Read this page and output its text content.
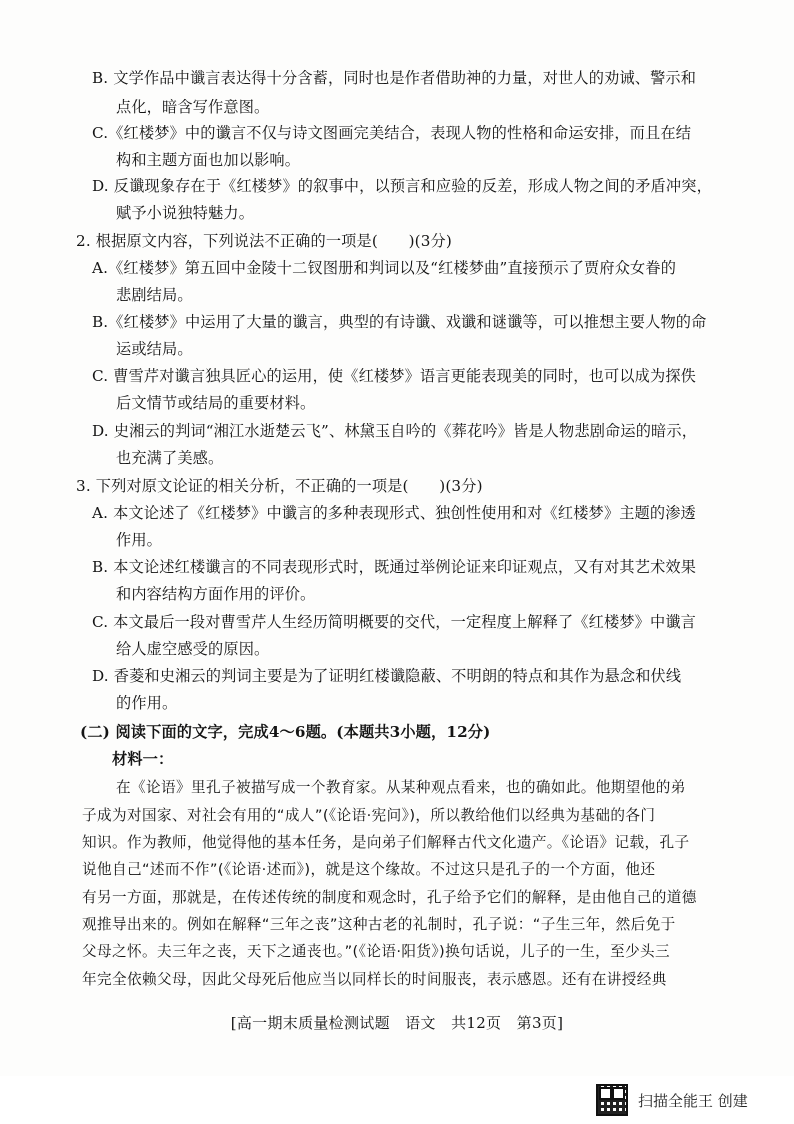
B. 文学作品中谶言表达得十分含蓄，同时也是作者借助神的力量，对世人的劝诫、警示和
点化，暗含写作意图。
C.《红楼梦》中的谶言不仅与诗文图画完美结合，表现人物的性格和命运安排，而且在结
构和主题方面也加以影响。
D. 反谶现象存在于《红楼梦》的叙事中，以预言和应验的反差，形成人物之间的矛盾冲突，
赋予小说独特魅力。
2. 根据原文内容，下列说法不正确的一项是(　　)(3分)
A.《红楼梦》第五回中金陵十二钗图册和判词以及“红楼梦曲”直接预示了贾府众女眷的
悲剧结局。
B.《红楼梦》中运用了大量的谶言，典型的有诗谶、戏谶和谜谶等，可以推想主要人物的命
运或结局。
C. 曹雪芹对谶言独具匠心的运用，使《红楼梦》语言更能表现美的同时，也可以成为探佚
后文情节或结局的重要材料。
D. 史湘云的判词“湘江水逝楚云飞”、林黛玉自吟的《葬花吟》皆是人物悲剧命运的暗示，
也充满了美感。
3. 下列对原文论证的相关分析，不正确的一项是(　　)(3分)
A. 本文论述了《红楼梦》中谶言的多种表现形式、独创性使用和对《红楼梦》主题的渗透
作用。
B. 本文论述红楼谶言的不同表现形式时，既通过举例论证来印证观点，又有对其艺术效果
和内容结构方面作用的评价。
C. 本文最后一段对曹雪芹人生经历简明概要的交代，一定程度上解释了《红楼梦》中谶言
给人虚空感受的原因。
D. 香菱和史湘云的判词主要是为了证明红楼谶隐蔽、不明朗的特点和其作为悬念和伏线
的作用。
(二) 阅读下面的文字，完成4～6题。(本题共3小题，12分)
材料一：
在《论语》里孔子被描写成一个教育家。从某种观点看来，也的确如此。他期望他的弟
子成为对国家、对社会有用的“成人”(《论语·宪问》)，所以教给他们以经典为基础的各门
知识。作为教师，他觉得他的基本任务，是向弟子们解释古代文化遗产。《论语》记载，孔子
说他自己“述而不作”(《论语·述而》)，就是这个缘故。不过这只是孔子的一个方面，他还
有另一方面，那就是，在传述传统的制度和观念时，孔子给予它们的解释，是由他自己的道德
观推导出来的。例如在解释“三年之丧”这种古老的礼制时，孔子说：“子生三年，然后免于
父母之怀。夫三年之丧，天下之通丧也。”(《论语·阳货》)换句话说，儿子的一生，至少头三
年完全依赖父母，因此父母死后他应当以同样长的时间服丧，表示感恩。还有在讲授经典
[高一期末质量检测试题　语文　共12页　第3页]
扫描全能王 创建
